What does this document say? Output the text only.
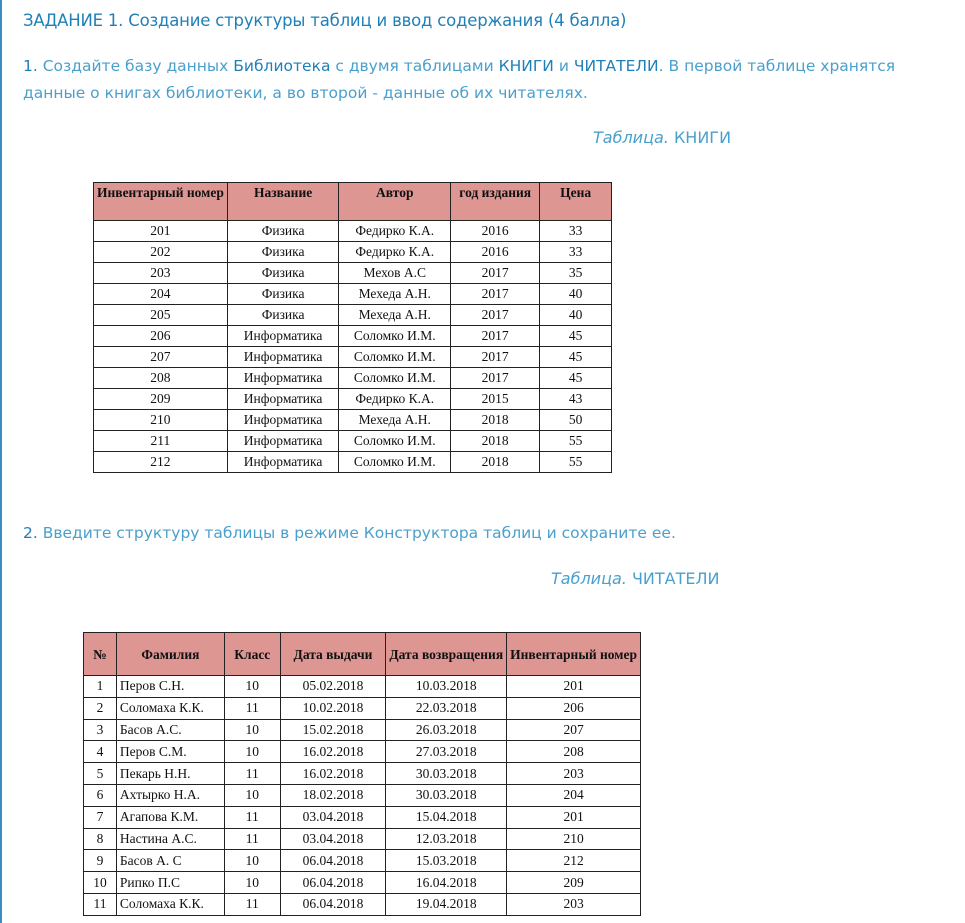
ЗАДАНИЕ 1. Создание структуры таблиц и ввод содержания (4 балла)
1. Создайте базу данных Библиотека с двумя таблицами КНИГИ и ЧИТАТЕЛИ. В первой таблице хранятся данные о книгах библиотеки, а во второй - данные об их читателях.
Таблица. КНИГИ
Инвентарный номер	Название	Автор	год издания	Цена
201	Физика	Федирко К.А.	2016	33
202	Физика	Федирко К.А.	2016	33
203	Физика	Мехов А.С	2017	35
204	Физика	Мехеда А.Н.	2017	40
205	Физика	Мехеда А.Н.	2017	40
206	Информатика	Соломко И.М.	2017	45
207	Информатика	Соломко И.М.	2017	45
208	Информатика	Соломко И.М.	2017	45
209	Информатика	Федирко К.А.	2015	43
210	Информатика	Мехеда А.Н.	2018	50
211	Информатика	Соломко И.М.	2018	55
212	Информатика	Соломко И.М.	2018	55
2. Введите структуру таблицы в режиме Конструктора таблиц и сохраните ее.
Таблица. ЧИТАТЕЛИ
№	Фамилия	Класс	Дата выдачи	Дата возвращения	Инвентарный номер
1	Перов С.Н.	10	05.02.2018	10.03.2018	201
2	Соломаха К.К.	11	10.02.2018	22.03.2018	206
3	Басов А.С.	10	15.02.2018	26.03.2018	207
4	Перов С.М.	10	16.02.2018	27.03.2018	208
5	Пекарь Н.Н.	11	16.02.2018	30.03.2018	203
6	Ахтырко Н.А.	10	18.02.2018	30.03.2018	204
7	Агапова К.М.	11	03.04.2018	15.04.2018	201
8	Настина А.С.	11	03.04.2018	12.03.2018	210
9	Басов А. С	10	06.04.2018	15.03.2018	212
10	Рипко П.С	10	06.04.2018	16.04.2018	209
11	Соломаха К.К.	11	06.04.2018	19.04.2018	203
